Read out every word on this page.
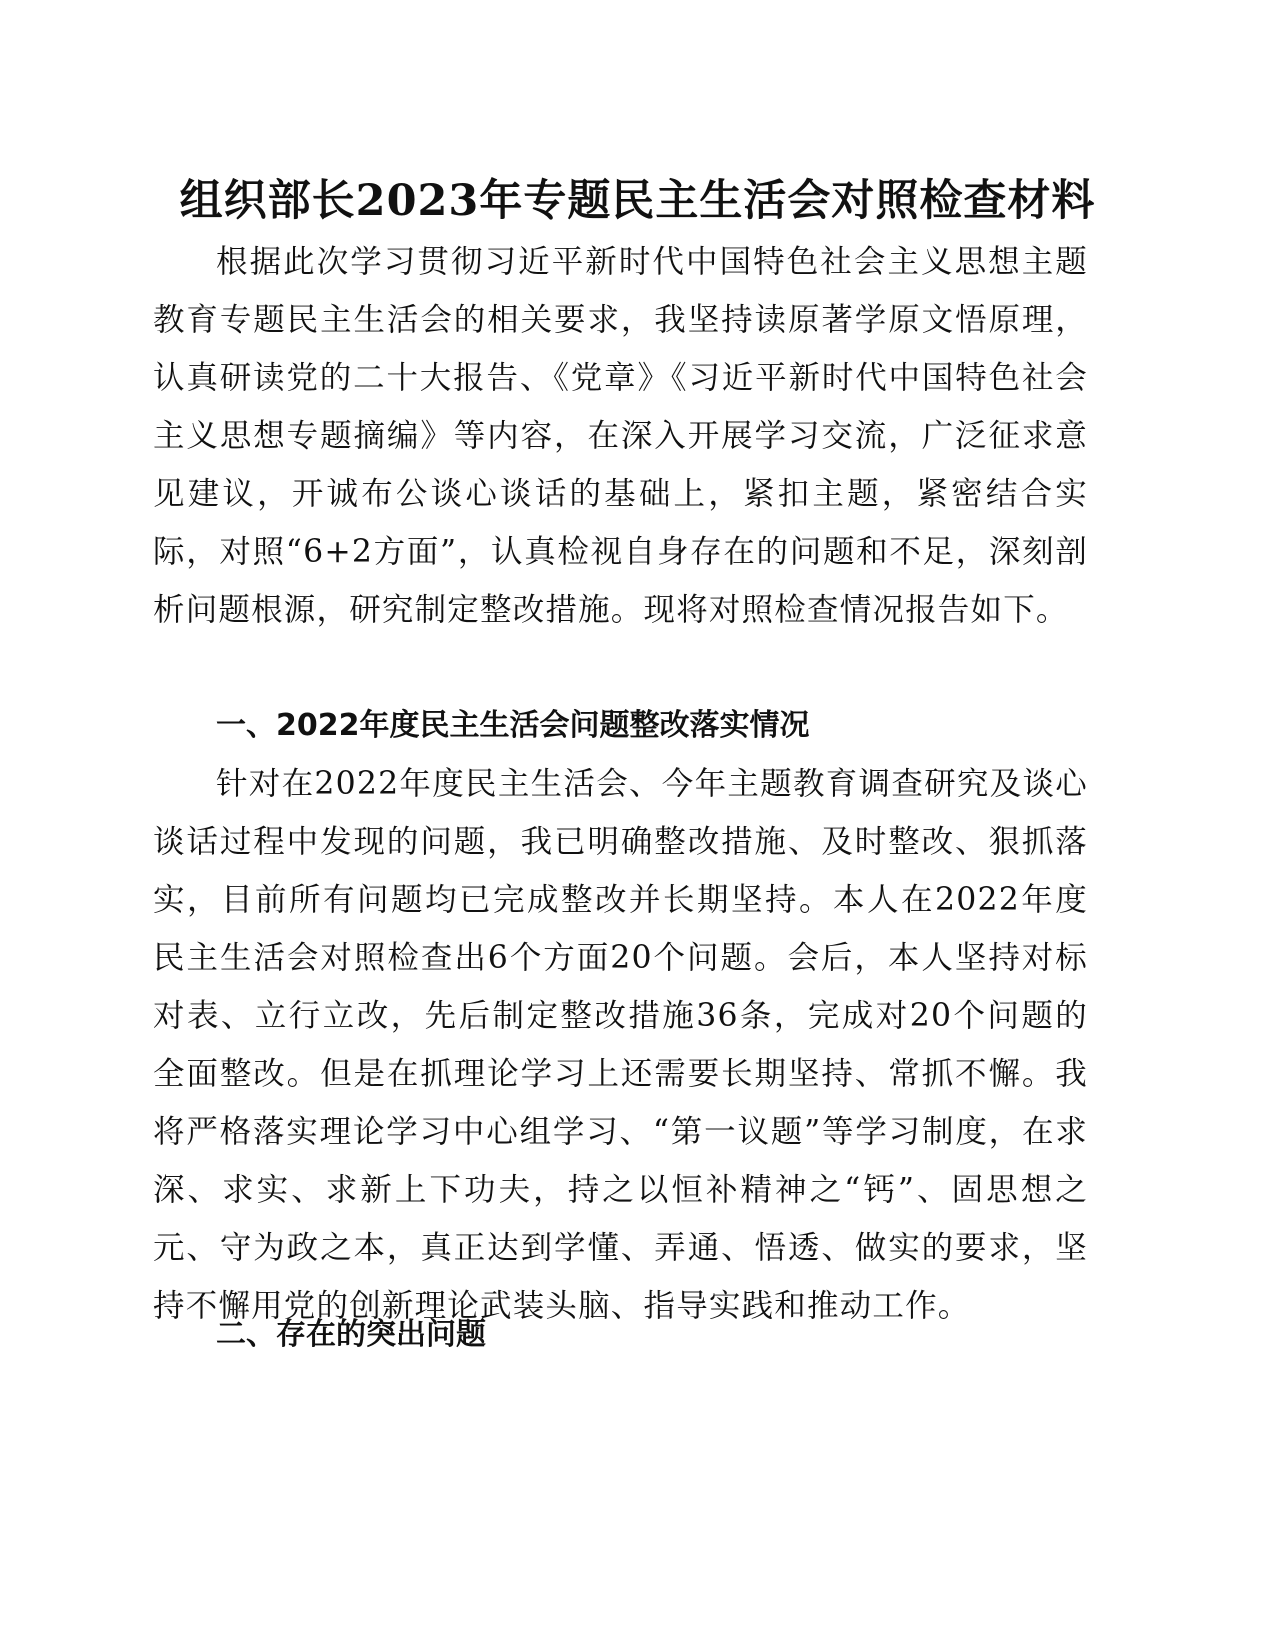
组织部长2023年专题民主生活会对照检查材料

根据此次学习贯彻习近平新时代中国特色社会主义思想主题教育专题民主生活会的相关要求，我坚持读原著学原文悟原理，认真研读党的二十大报告、《党章》《习近平新时代中国特色社会主义思想专题摘编》等内容，在深入开展学习交流，广泛征求意见建议，开诚布公谈心谈话的基础上，紧扣主题，紧密结合实际，对照“6+2方面”，认真检视自身存在的问题和不足，深刻剖析问题根源，研究制定整改措施。现将对照检查情况报告如下。

一、2022年度民主生活会问题整改落实情况

针对在2022年度民主生活会、今年主题教育调查研究及谈心谈话过程中发现的问题，我已明确整改措施、及时整改、狠抓落实，目前所有问题均已完成整改并长期坚持。本人在2022年度民主生活会对照检查出6个方面20个问题。会后，本人坚持对标对表、立行立改，先后制定整改措施36条，完成对20个问题的全面整改。但是在抓理论学习上还需要长期坚持、常抓不懈。我将严格落实理论学习中心组学习、“第一议题”等学习制度，在求深、求实、求新上下功夫，持之以恒补精神之“钙”、固思想之元、守为政之本，真正达到学懂、弄通、悟透、做实的要求，坚持不懈用党的创新理论武装头脑、指导实践和推动工作。

二、存在的突出问题
